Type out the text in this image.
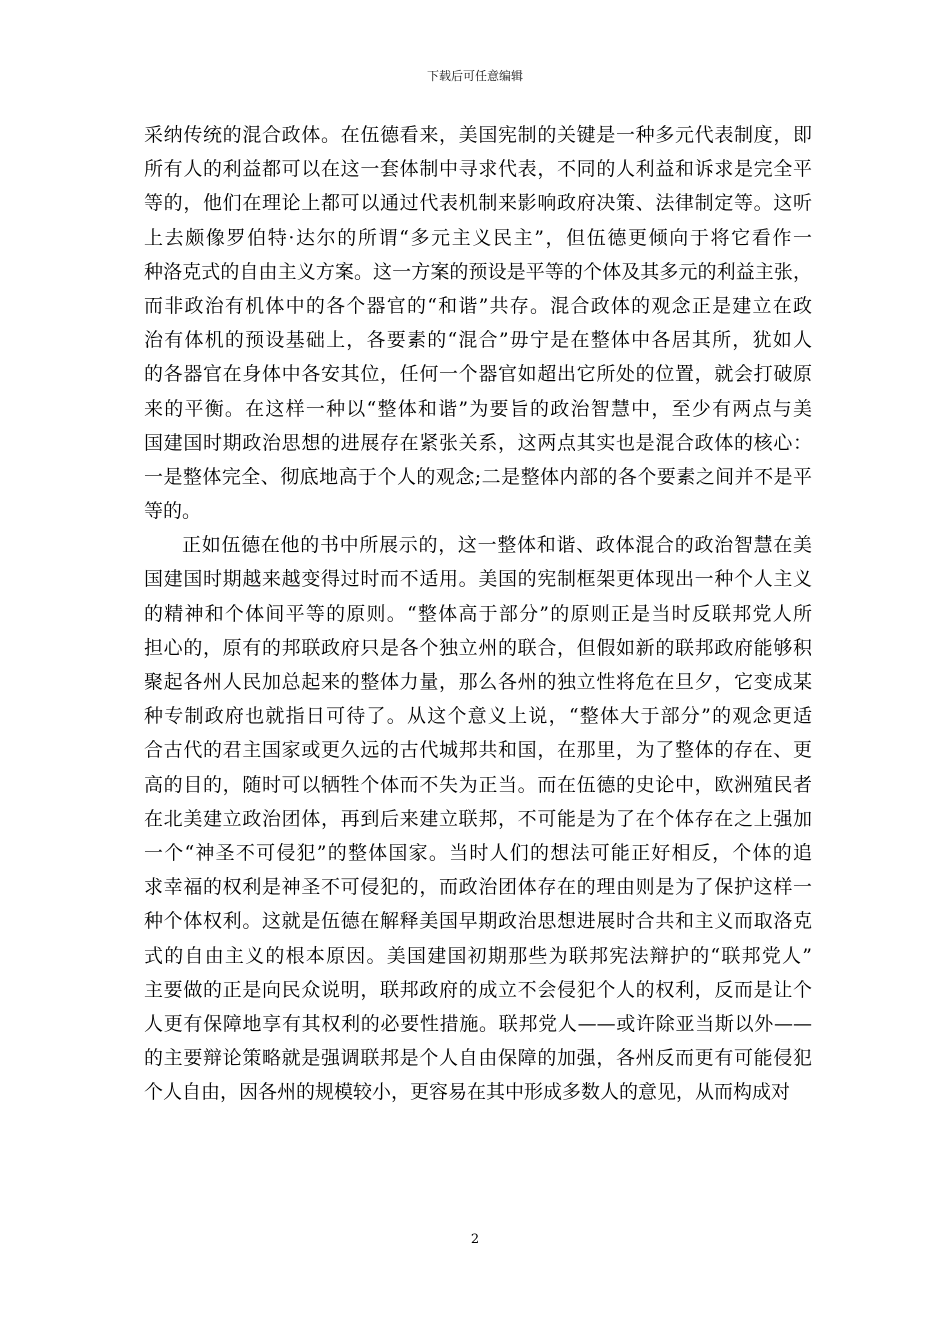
下载后可任意编辑
采纳传统的混合政体。在伍德看来，美国宪制的关键是一种多元代表制度，即
所有人的利益都可以在这一套体制中寻求代表，不同的人利益和诉求是完全平
等的，他们在理论上都可以通过代表机制来影响政府决策、法律制定等。这听
上去颇像罗伯特·达尔的所谓“多元主义民主”，但伍德更倾向于将它看作一
种洛克式的自由主义方案。这一方案的预设是平等的个体及其多元的利益主张，
而非政治有机体中的各个器官的“和谐”共存。混合政体的观念正是建立在政
治有体机的预设基础上，各要素的“混合”毋宁是在整体中各居其所，犹如人
的各器官在身体中各安其位，任何一个器官如超出它所处的位置，就会打破原
来的平衡。在这样一种以“整体和谐”为要旨的政治智慧中，至少有两点与美
国建国时期政治思想的进展存在紧张关系，这两点其实也是混合政体的核心：
一是整体完全、彻底地高于个人的观念;二是整体内部的各个要素之间并不是平
等的。
正如伍德在他的书中所展示的，这一整体和谐、政体混合的政治智慧在美
国建国时期越来越变得过时而不适用。美国的宪制框架更体现出一种个人主义
的精神和个体间平等的原则。“整体高于部分”的原则正是当时反联邦党人所
担心的，原有的邦联政府只是各个独立州的联合，但假如新的联邦政府能够积
聚起各州人民加总起来的整体力量，那么各州的独立性将危在旦夕，它变成某
种专制政府也就指日可待了。从这个意义上说，“整体大于部分”的观念更适
合古代的君主国家或更久远的古代城邦共和国，在那里，为了整体的存在、更
高的目的，随时可以牺牲个体而不失为正当。而在伍德的史论中，欧洲殖民者
在北美建立政治团体，再到后来建立联邦，不可能是为了在个体存在之上强加
一个“神圣不可侵犯”的整体国家。当时人们的想法可能正好相反，个体的追
求幸福的权利是神圣不可侵犯的，而政治团体存在的理由则是为了保护这样一
种个体权利。这就是伍德在解释美国早期政治思想进展时合共和主义而取洛克
式的自由主义的根本原因。美国建国初期那些为联邦宪法辩护的“联邦党人”
主要做的正是向民众说明，联邦政府的成立不会侵犯个人的权利，反而是让个
人更有保障地享有其权利的必要性措施。联邦党人——或许除亚当斯以外——
的主要辩论策略就是强调联邦是个人自由保障的加强，各州反而更有可能侵犯
个人自由，因各州的规模较小，更容易在其中形成多数人的意见，从而构成对
2
